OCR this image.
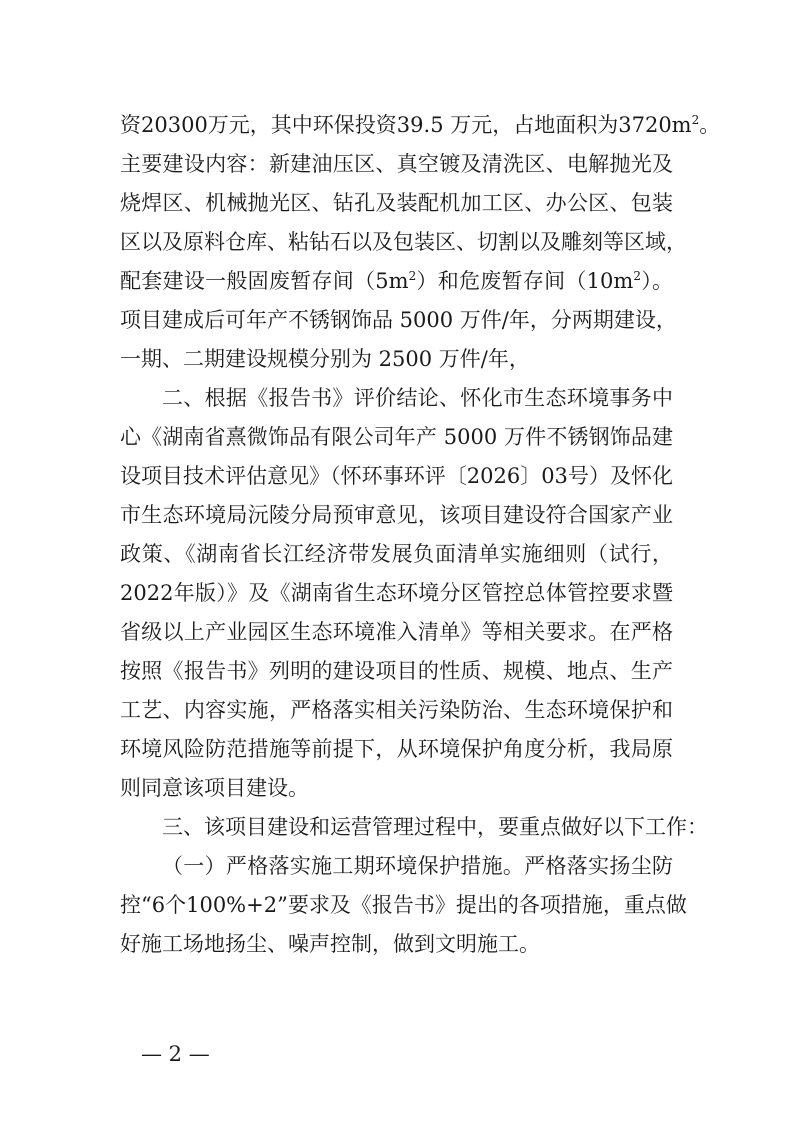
资20300万元，其中环保投资39.5 万元，占地面积为$3720m^2$。
主要建设内容：新建油压区、真空镀及清洗区、电解抛光及
烧焊区、机械抛光区、钻孔及装配机加工区、办公区、包装
区以及原料仓库、粘钻石以及包装区、切割以及雕刻等区域，
配套建设一般固废暂存间$(5m^2)$和危废暂存间$(10m^2)$。
项目建成后可年产不锈钢饰品 5000 万件/年，分两期建设，
一期、二期建设规模分别为 2500 万件/年，
二、根据《报告书》评价结论、怀化市生态环境事务中
心《湖南省熹微饰品有限公司年产 5000 万件不锈钢饰品建
设项目技术评估意见》（怀环事环评〔2026〕03号）及怀化
市生态环境局沅陵分局预审意见，该项目建设符合国家产业
政策、《湖南省长江经济带发展负面清单实施细则（试行，
2022年版）》及《湖南省生态环境分区管控总体管控要求暨
省级以上产业园区生态环境准入清单》等相关要求。在严格
按照《报告书》列明的建设项目的性质、规模、地点、生产
工艺、内容实施，严格落实相关污染防治、生态环境保护和
环境风险防范措施等前提下，从环境保护角度分析，我局原
则同意该项目建设。
三、该项目建设和运营管理过程中，要重点做好以下工作：
（一）严格落实施工期环境保护措施。严格落实扬尘防
控“6个100%+2”要求及《报告书》提出的各项措施，重点做
好施工场地扬尘、噪声控制，做到文明施工。
— 2 —
